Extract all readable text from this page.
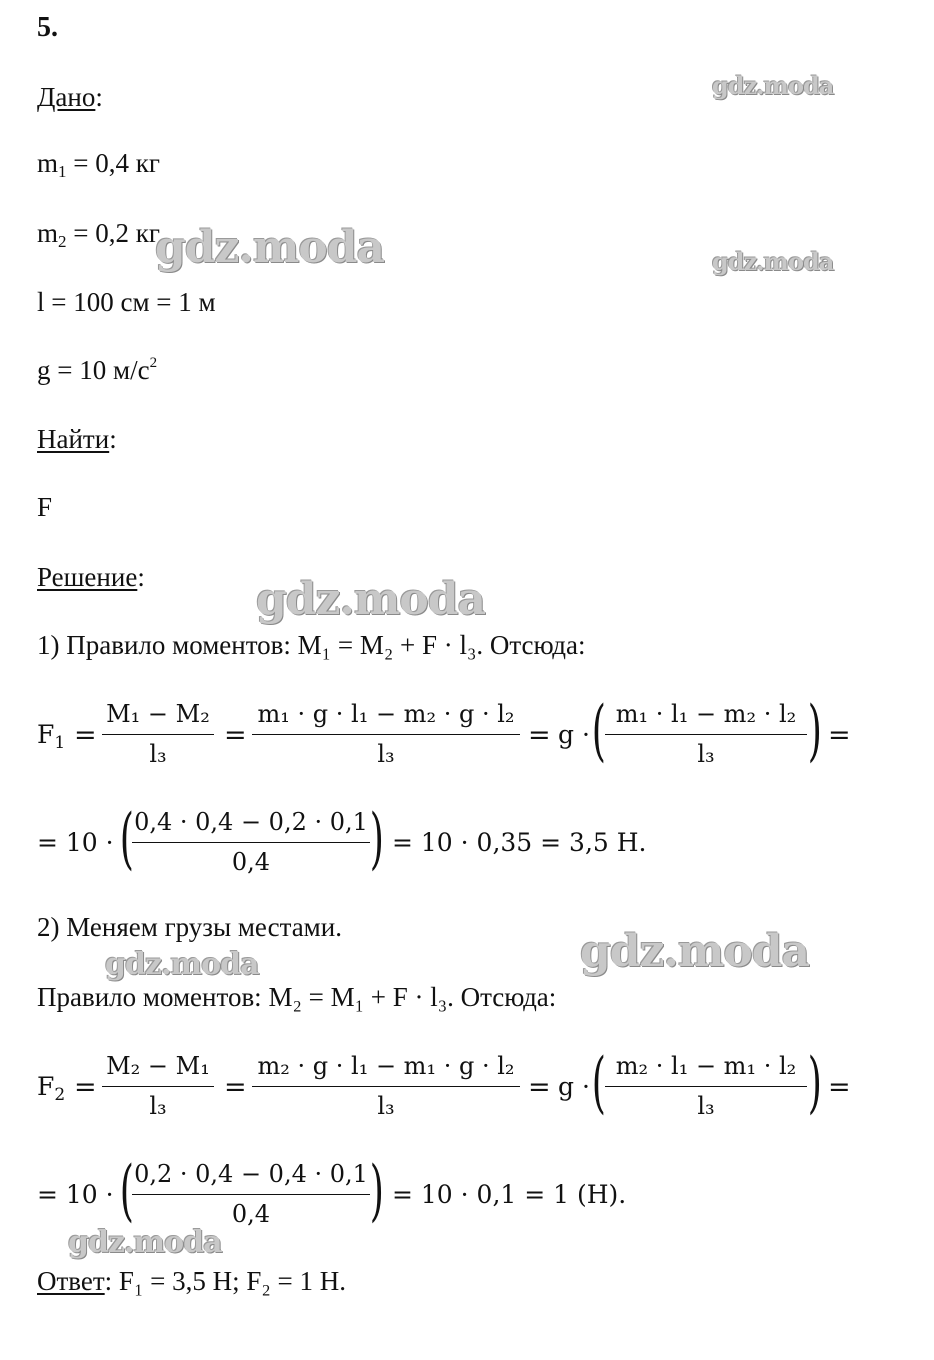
5.
Дано:
$m_1 = 0,4$ кг
$m_2 = 0,2$ кг
l = 100 см = 1 м
g = 10 $м/с^2$
Найти:
F
Решение:
1) Правило моментов: M₁ = M₂ + F · l₃. Отсюда:
$F_1$ =
M₁ − M₂
l₃
=
m₁ · g · l₁ − m₂ · g · l₂
l₃
= g · ( m₁ · l₁ − m₂ · l₂
l₃	) =
= 10 · ( 0,4 · 0,4 − 0,2 · 0,1
0,4	) = 10 · 0,35 = 3,5 Н.
2) Меняем грузы местами.
Правило моментов: M₂ = M₁ + F · l₃. Отсюда:
$F_2$ =
M₂ − M₁
l₃
=
m₂ · g · l₁ − m₁ · g · l₂
l₃
= g · ( m₂ · l₁ − m₁ · l₂
l₃	) =
= 10 · ( 0,2 · 0,4 − 0,4 · 0,1
0,4	) = 10 · 0,1 = 1 (Н).
Ответ: F₁ = 3,5 Н; F₂ = 1 Н.
gdz.moda
gdz.moda	gdz.moda
gdz.moda
gdz.moda
gdz.moda
gdz.moda
